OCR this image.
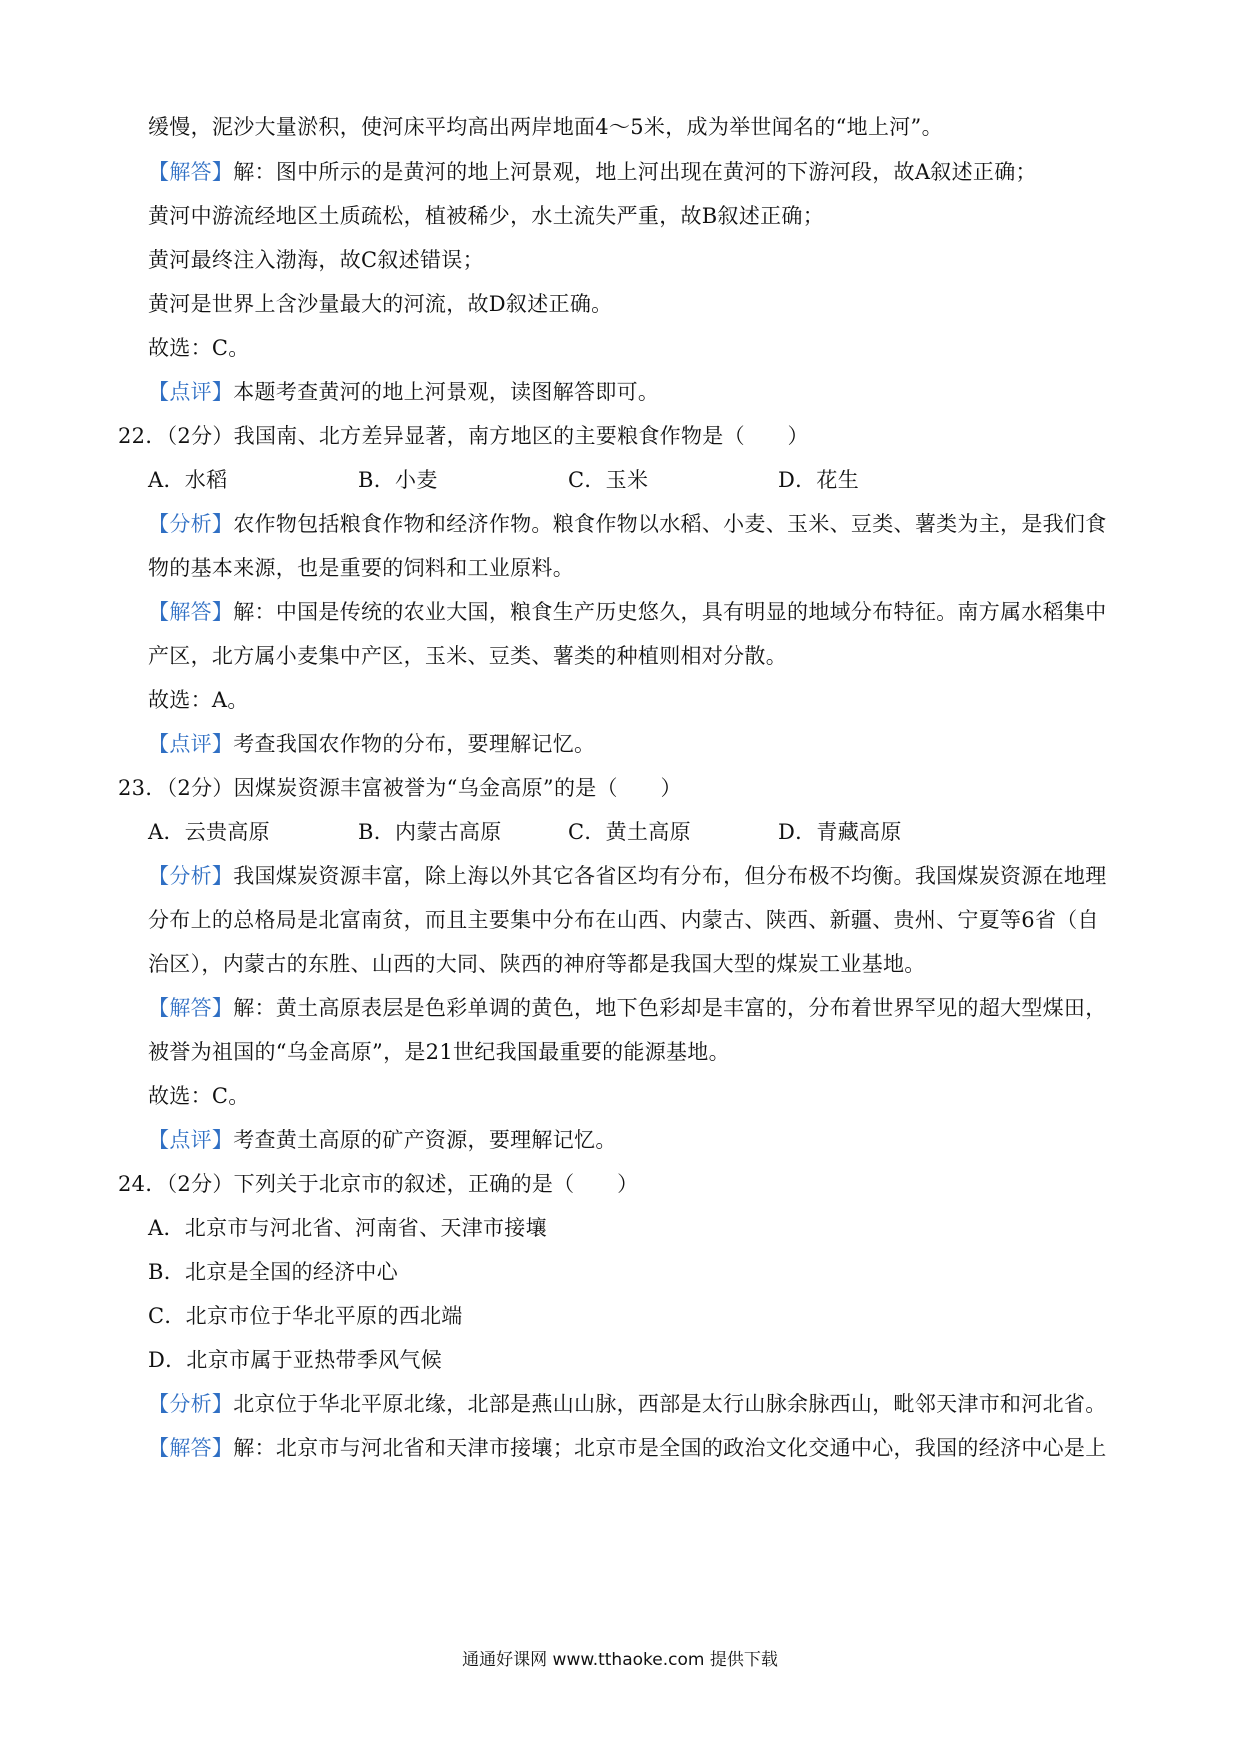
缓慢，泥沙大量淤积，使河床平均高出两岸地面4～5米，成为举世闻名的“地上河”。
【解答】解：图中所示的是黄河的地上河景观，地上河出现在黄河的下游河段，故A叙述正确；
黄河中游流经地区土质疏松，植被稀少，水土流失严重，故B叙述正确；
黄河最终注入渤海，故C叙述错误；
黄河是世界上含沙量最大的河流，故D叙述正确。
故选：C。
【点评】本题考查黄河的地上河景观，读图解答即可。
22．（2分）我国南、北方差异显著，南方地区的主要粮食作物是（　　）
A．水稻	B．小麦	C．玉米	D．花生
【分析】农作物包括粮食作物和经济作物。粮食作物以水稻、小麦、玉米、豆类、薯类为主，是我们食
物的基本来源，也是重要的饲料和工业原料。
【解答】解：中国是传统的农业大国，粮食生产历史悠久，具有明显的地域分布特征。南方属水稻集中
产区，北方属小麦集中产区，玉米、豆类、薯类的种植则相对分散。
故选：A。
【点评】考查我国农作物的分布，要理解记忆。
23．（2分）因煤炭资源丰富被誉为“乌金高原”的是（　　）
A．云贵高原	B．内蒙古高原	C．黄土高原	D．青藏高原
【分析】我国煤炭资源丰富，除上海以外其它各省区均有分布，但分布极不均衡。我国煤炭资源在地理
分布上的总格局是北富南贫，而且主要集中分布在山西、内蒙古、陕西、新疆、贵州、宁夏等6省（自
治区），内蒙古的东胜、山西的大同、陕西的神府等都是我国大型的煤炭工业基地。
【解答】解：黄土高原表层是色彩单调的黄色，地下色彩却是丰富的，分布着世界罕见的超大型煤田，
被誉为祖国的“乌金高原”，是21世纪我国最重要的能源基地。
故选：C。
【点评】考查黄土高原的矿产资源，要理解记忆。
24．（2分）下列关于北京市的叙述，正确的是（　　）
A．北京市与河北省、河南省、天津市接壤
B．北京是全国的经济中心
C．北京市位于华北平原的西北端
D．北京市属于亚热带季风气候
【分析】北京位于华北平原北缘，北部是燕山山脉，西部是太行山脉余脉西山，毗邻天津市和河北省。
【解答】解：北京市与河北省和天津市接壤；北京市是全国的政治文化交通中心，我国的经济中心是上
通通好课网 www.tthaoke.com 提供下载
